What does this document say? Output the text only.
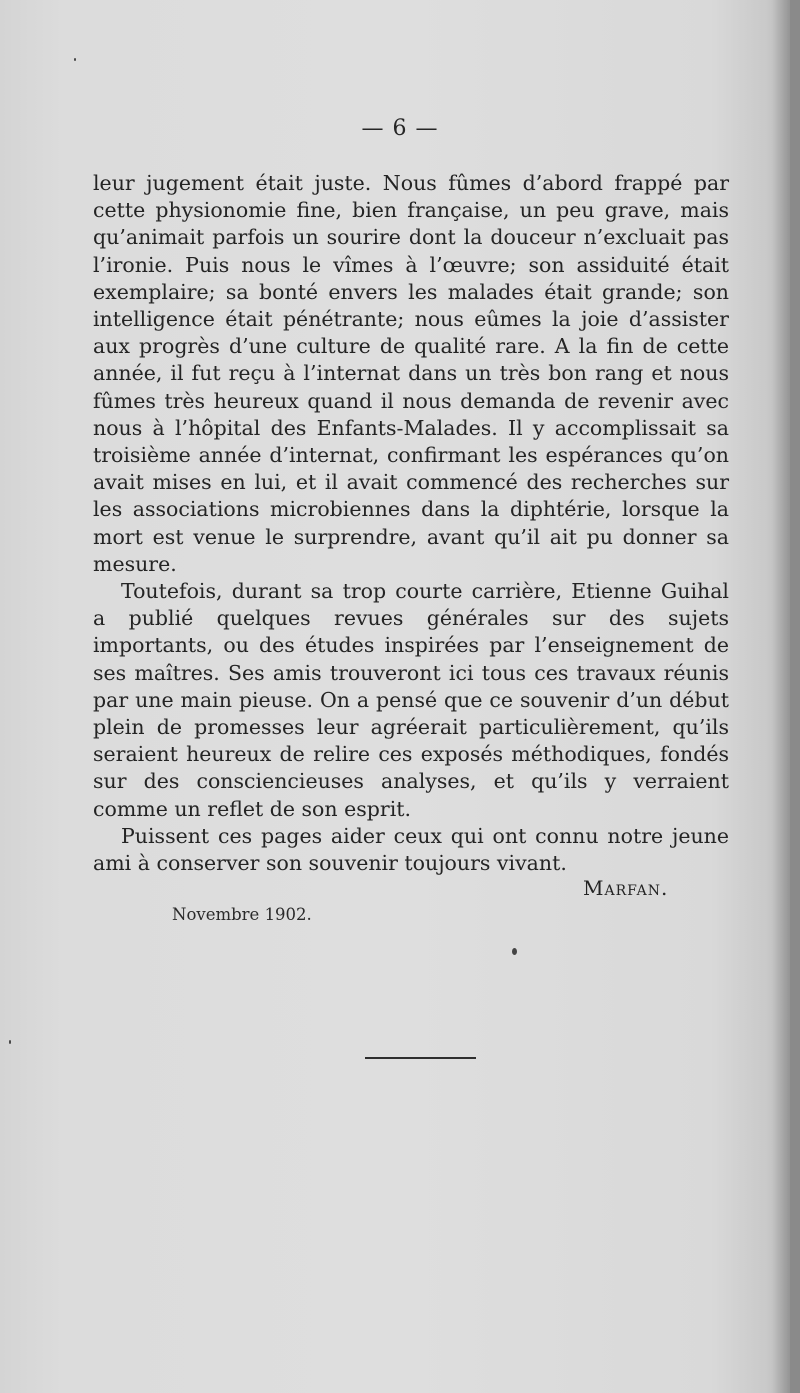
— 6 —

leur jugement était juste. Nous fûmes d’abord frappé par cette physionomie fine, bien française, un peu grave, mais qu’animait parfois un sourire dont la douceur n’excluait pas l’ironie. Puis nous le vîmes à l’œuvre; son assiduité était exemplaire; sa bonté envers les malades était grande; son intelligence était pénétrante; nous eûmes la joie d’assister aux progrès d’une culture de qualité rare. A la fin de cette année, il fut reçu à l’internat dans un très bon rang et nous fûmes très heureux quand il nous demanda de revenir avec nous à l’hôpital des Enfants-Malades. Il y accomplissait sa troisième année d’internat, confirmant les espérances qu’on avait mises en lui, et il avait commencé des recherches sur les associations microbiennes dans la diphtérie, lorsque la mort est venue le surprendre, avant qu’il ait pu donner sa mesure.

Toutefois, durant sa trop courte carrière, Etienne Guihal a publié quelques revues générales sur des sujets importants, ou des études inspirées par l’enseignement de ses maîtres. Ses amis trouveront ici tous ces travaux réunis par une main pieuse. On a pensé que ce souvenir d’un début plein de promesses leur agréerait particulièrement, qu’ils seraient heureux de relire ces exposés méthodiques, fondés sur des consciencieuses analyses, et qu’ils y verraient comme un reflet de son esprit.

Puissent ces pages aider ceux qui ont connu notre jeune ami à conserver son souvenir toujours vivant.

Marfan.
Novembre 1902.
